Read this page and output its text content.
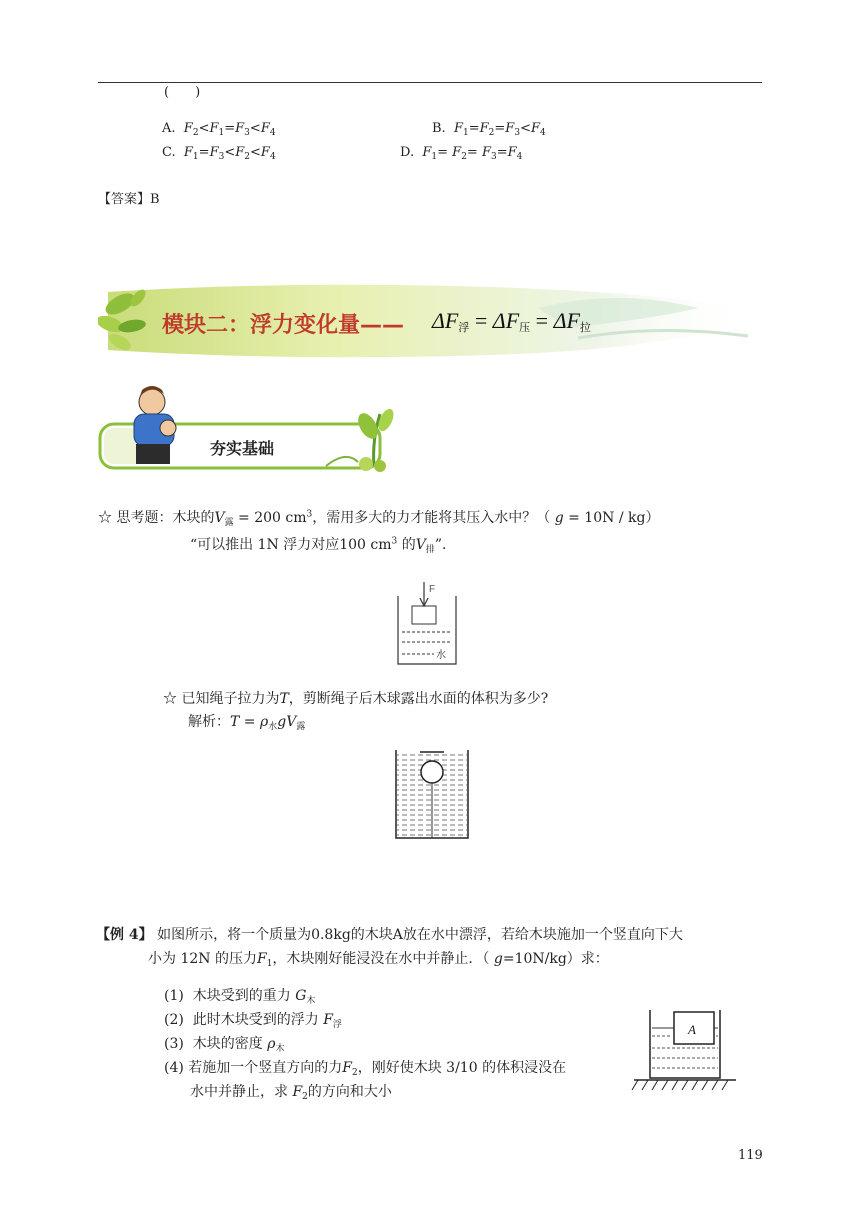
(　　)
A. $F_2<F_1=F_3<F_4$	B. $F_1=F_2=F_3<F_4$
C. $F_1=F_3<F_2<F_4$	D. $F_1= F_2= F_3=F_4$
【答案】B
模块二：浮力变化量—— $\Delta F_浮 = \Delta F_压 = \Delta F_拉$
夯实基础
☆ 思考题：木块的$V_露 = 200$ $cm^3$，需用多大的力才能将其压入水中？（ g = 10N / kg）
“可以推出 1N 浮力对应100 $cm^3$ 的$V_排$”．
F
水
☆ 已知绳子拉力为T，剪断绳子后木球露出水面的体积为多少?
解析：$T = \rho_水gV_露$
【例 4】 如图所示，将一个质量为0.8kg的木块A放在水中漂浮，若给木块施加一个竖直向下大
小为 12N 的压力$F_1$，木块刚好能浸没在水中并静止．（ g=10N/kg）求：
(1) 木块受到的重力 $G_木$
(2) 此时木块受到的浮力 $F_浮$
(3) 木块的密度 $\rho_木$
(4) 若施加一个竖直方向的力$F_2$，刚好使木块 3/10 的体积浸没在
水中并静止，求 $F_2$的方向和大小
A
119
